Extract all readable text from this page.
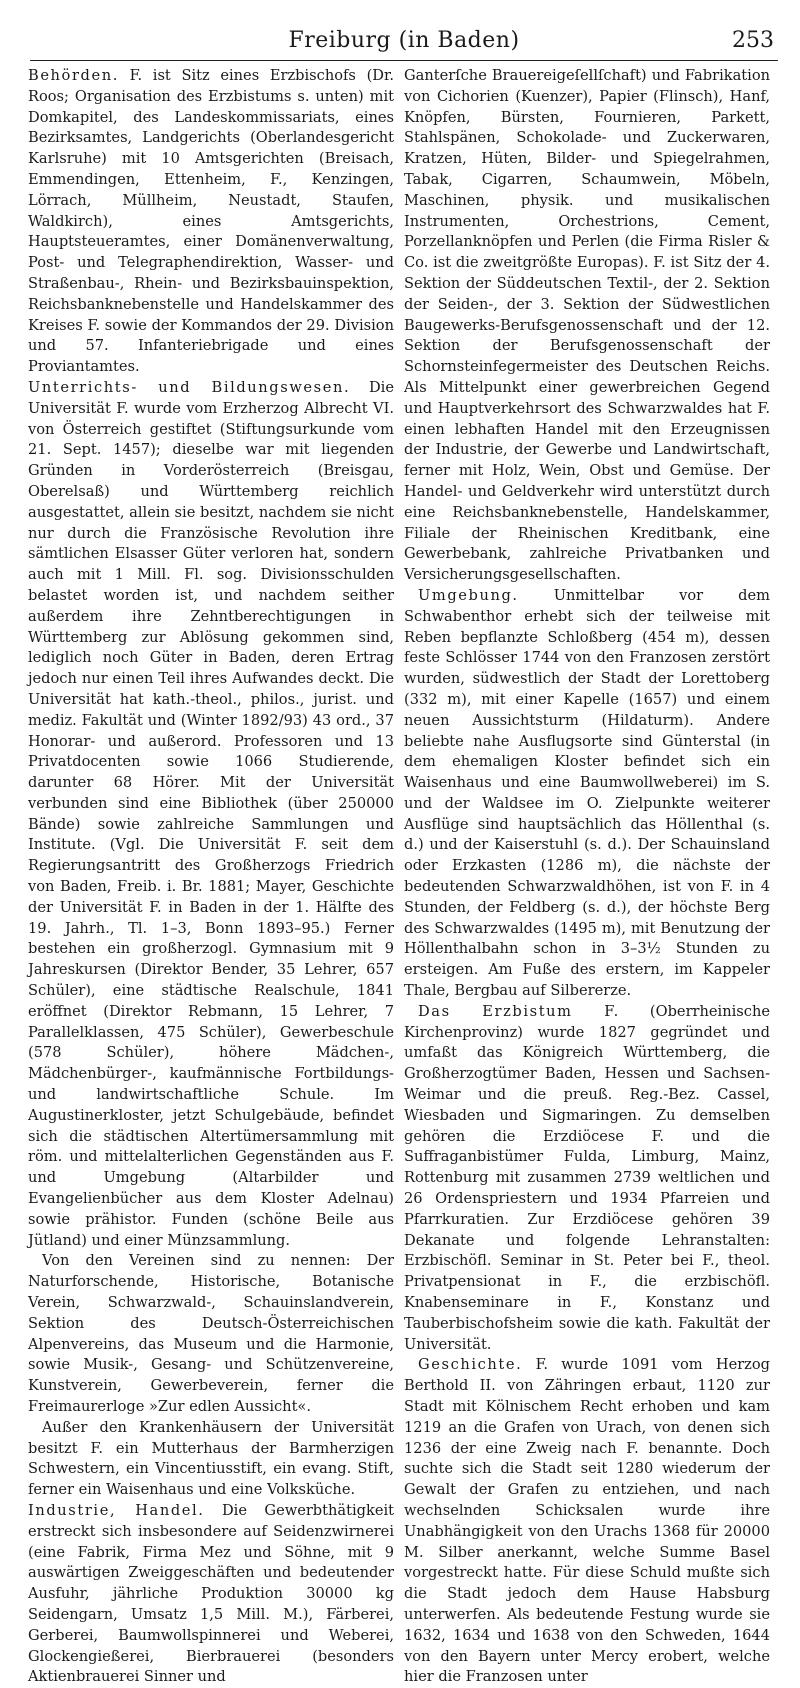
Freiburg (in Baden)	253

Behörden. F. ist Sitz eines Erzbischofs (Dr. Roos; Organisation des Erzbistums s. unten) mit Domkapitel, des Landeskommissariats, eines Bezirksamtes, Landgerichts (Oberlandesgericht Karlsruhe) mit 10 Amtsgerichten (Breisach, Emmendingen, Ettenheim, F., Kenzingen, Lörrach, Müllheim, Neustadt, Staufen, Waldkirch), eines Amtsgerichts, Hauptsteueramtes, einer Domänenverwaltung, Post- und Telegraphendirektion, Wasser- und Straßenbau-, Rhein- und Bezirksbauinspektion, Reichsbanknebenstelle und Handelskammer des Kreises F. sowie der Kommandos der 29. Division und 57. Infanteriebrigade und eines Proviantamtes.

Unterrichts- und Bildungswesen. Die Universität F. wurde vom Erzherzog Albrecht VI. von Österreich gestiftet (Stiftungsurkunde vom 21. Sept. 1457); dieselbe war mit liegenden Gründen in Vorderösterreich (Breisgau, Oberelsaß) und Württemberg reichlich ausgestattet, allein sie besitzt, nachdem sie nicht nur durch die Französische Revolution ihre sämtlichen Elsasser Güter verloren hat, sondern auch mit 1 Mill. Fl. sog. Divisionsschulden belastet worden ist, und nachdem seither außerdem ihre Zehntberechtigungen in Württemberg zur Ablösung gekommen sind, lediglich noch Güter in Baden, deren Ertrag jedoch nur einen Teil ihres Aufwandes deckt. Die Universität hat kath.-theol., philos., jurist. und mediz. Fakultät und (Winter 1892/93) 43 ord., 37 Honorar- und außerord. Professoren und 13 Privatdocenten sowie 1066 Studierende, darunter 68 Hörer. Mit der Universität verbunden sind eine Bibliothek (über 250000 Bände) sowie zahlreiche Sammlungen und Institute. (Vgl. Die Universität F. seit dem Regierungsantritt des Großherzogs Friedrich von Baden, Freib. i. Br. 1881; Mayer, Geschichte der Universität F. in Baden in der 1. Hälfte des 19. Jahrh., Tl. 1–3, Bonn 1893–95.) Ferner bestehen ein großherzogl. Gymnasium mit 9 Jahreskursen (Direktor Bender, 35 Lehrer, 657 Schüler), eine städtische Realschule, 1841 eröffnet (Direktor Rebmann, 15 Lehrer, 7 Parallelklassen, 475 Schüler), Gewerbeschule (578 Schüler), höhere Mädchen-, Mädchenbürger-, kaufmännische Fortbildungs- und landwirtschaftliche Schule. Im Augustinerkloster, jetzt Schulgebäude, befindet sich die städtischen Altertümersammlung mit röm. und mittelalterlichen Gegenständen aus F. und Umgebung (Altarbilder und Evangelienbücher aus dem Kloster Adelnau) sowie prähistor. Funden (schöne Beile aus Jütland) und einer Münzsammlung.

Von den Vereinen sind zu nennen: Der Naturforschende, Historische, Botanische Verein, Schwarzwald-, Schauinslandverein, Sektion des Deutsch-Österreichischen Alpenvereins, das Museum und die Harmonie, sowie Musik-, Gesang- und Schützenvereine, Kunstverein, Gewerbeverein, ferner die Freimaurerloge »Zur edlen Aussicht«.

Außer den Krankenhäusern der Universität besitzt F. ein Mutterhaus der Barmherzigen Schwestern, ein Vincentiusstift, ein evang. Stift, ferner ein Waisenhaus und eine Volksküche.

Industrie, Handel. Die Gewerbthätigkeit erstreckt sich insbesondere auf Seidenzwirnerei (eine Fabrik, Firma Mez und Söhne, mit 9 auswärtigen Zweiggeschäften und bedeutender Ausfuhr, jährliche Produktion 30000 kg Seidengarn, Umsatz 1,5 Mill. M.), Färberei, Gerberei, Baumwollspinnerei und Weberei, Glockengießerei, Bierbrauerei (besonders Aktienbrauerei Sinner und

Ganterſche Brauereigeſellſchaft) und Fabrikation von Cichorien (Kuenzer), Papier (Flinsch), Hanf, Knöpfen, Bürsten, Fournieren, Parkett, Stahlspänen, Schokolade- und Zuckerwaren, Kratzen, Hüten, Bilder- und Spiegelrahmen, Tabak, Cigarren, Schaumwein, Möbeln, Maschinen, physik. und musikalischen Instrumenten, Orchestrions, Cement, Porzellanknöpfen und Perlen (die Firma Risler & Co. ist die zweitgrößte Europas). F. ist Sitz der 4. Sektion der Süddeutschen Textil-, der 2. Sektion der Seiden-, der 3. Sektion der Südwestlichen Baugewerks-Berufsgenossenschaft und der 12. Sektion der Berufsgenossenschaft der Schornsteinfegermeister des Deutschen Reichs. Als Mittelpunkt einer gewerbreichen Gegend und Hauptverkehrsort des Schwarzwaldes hat F. einen lebhaften Handel mit den Erzeugnissen der Industrie, der Gewerbe und Landwirtschaft, ferner mit Holz, Wein, Obst und Gemüse. Der Handel- und Geldverkehr wird unterstützt durch eine Reichsbanknebenstelle, Handelskammer, Filiale der Rheinischen Kreditbank, eine Gewerbebank, zahlreiche Privatbanken und Versicherungsgesellschaften.

Umgebung. Unmittelbar vor dem Schwabenthor erhebt sich der teilweise mit Reben bepflanzte Schloßberg (454 m), dessen feste Schlösser 1744 von den Franzosen zerstört wurden, südwestlich der Stadt der Lorettoberg (332 m), mit einer Kapelle (1657) und einem neuen Aussichtsturm (Hildaturm). Andere beliebte nahe Ausflugsorte sind Günterstal (in dem ehemaligen Kloster befindet sich ein Waisenhaus und eine Baumwollweberei) im S. und der Waldsee im O. Zielpunkte weiterer Ausflüge sind hauptsächlich das Höllenthal (s. d.) und der Kaiserstuhl (s. d.). Der Schauinsland oder Erzkasten (1286 m), die nächste der bedeutenden Schwarzwaldhöhen, ist von F. in 4 Stunden, der Feldberg (s. d.), der höchste Berg des Schwarzwaldes (1495 m), mit Benutzung der Höllenthalbahn schon in 3–3½ Stunden zu ersteigen. Am Fuße des erstern, im Kappeler Thale, Bergbau auf Silbererze.

Das Erzbistum F. (Oberrheinische Kirchenprovinz) wurde 1827 gegründet und umfaßt das Königreich Württemberg, die Großherzogtümer Baden, Hessen und Sachsen-Weimar und die preuß. Reg.-Bez. Cassel, Wiesbaden und Sigmaringen. Zu demselben gehören die Erzdiöcese F. und die Suffraganbistümer Fulda, Limburg, Mainz, Rottenburg mit zusammen 2739 weltlichen und 26 Ordenspriestern und 1934 Pfarreien und Pfarrkuratien. Zur Erzdiöcese gehören 39 Dekanate und folgende Lehranstalten: Erzbischöfl. Seminar in St. Peter bei F., theol. Privatpensionat in F., die erzbischöfl. Knabenseminare in F., Konstanz und Tauberbischofsheim sowie die kath. Fakultät der Universität.

Geschichte. F. wurde 1091 vom Herzog Berthold II. von Zähringen erbaut, 1120 zur Stadt mit Kölnischem Recht erhoben und kam 1219 an die Grafen von Urach, von denen sich 1236 der eine Zweig nach F. benannte. Doch suchte sich die Stadt seit 1280 wiederum der Gewalt der Grafen zu entziehen, und nach wechselnden Schicksalen wurde ihre Unabhängigkeit von den Urachs 1368 für 20000 M. Silber anerkannt, welche Summe Basel vorgestreckt hatte. Für diese Schuld mußte sich die Stadt jedoch dem Hause Habsburg unterwerfen. Als bedeutende Festung wurde sie 1632, 1634 und 1638 von den Schweden, 1644 von den Bayern unter Mercy erobert, welche hier die Franzosen unter
